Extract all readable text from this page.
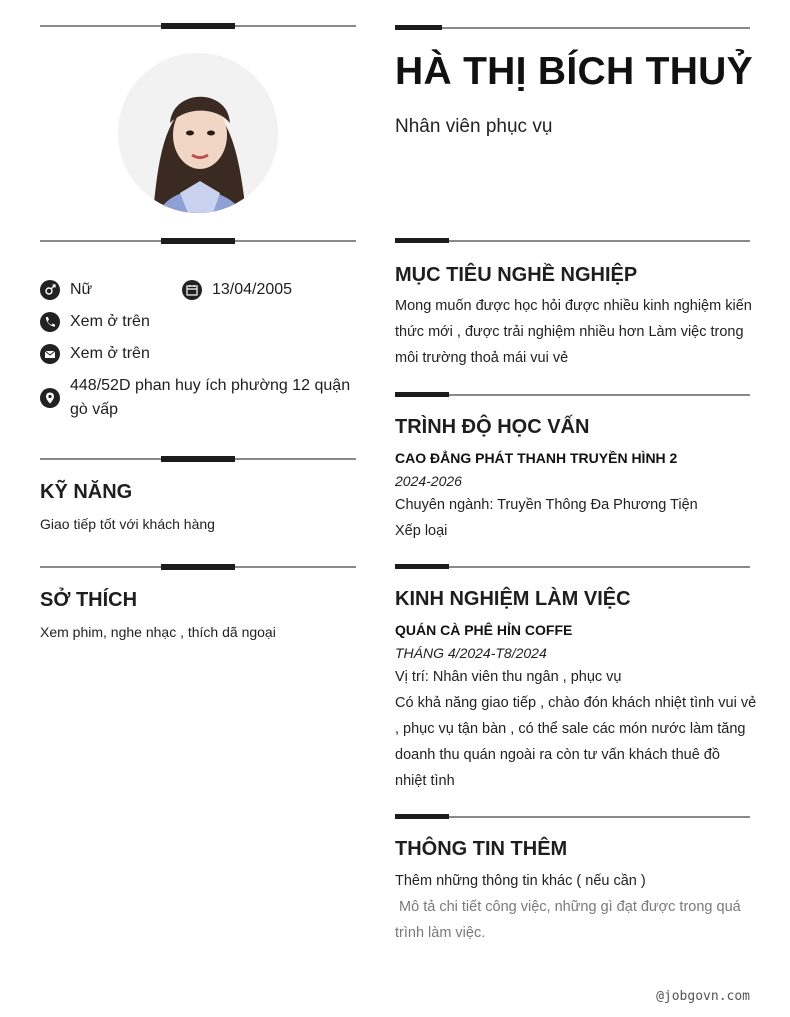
Nữ	13/04/2005
Xem ở trên
Xem ở trên
448/52D phan huy ích phường 12 quận
gò vấp
KỸ NĂNG
Giao tiếp tốt với khách hàng
SỞ THÍCH
Xem phim, nghe nhạc , thích dã ngoại
HÀ THỊ BÍCH THUỶ
Nhân viên phục vụ
MỤC TIÊU NGHỀ NGHIỆP
Mong muốn được học hỏi được nhiều kinh nghiệm kiến
thức mới , được trải nghiệm nhiều hơn Làm việc trong
môi trường thoả mái vui vẻ
TRÌNH ĐỘ HỌC VẤN
CAO ĐẲNG PHÁT THANH TRUYỀN HÌNH 2
2024-2026
Chuyên ngành: Truyền Thông Đa Phương Tiện
Xếp loại
KINH NGHIỆM LÀM VIỆC
QUÁN CÀ PHÊ HỈN COFFE
THÁNG 4/2024-T8/2024
Vị trí: Nhân viên thu ngân , phục vụ
Có khả năng giao tiếp , chào đón khách nhiệt tình vui vẻ
, phục vụ tận bàn , có thể sale các món nước làm tăng
doanh thu quán ngoài ra còn tư vấn khách thuê đồ
nhiệt tình
THÔNG TIN THÊM
Thêm những thông tin khác ( nếu cần )
Mô tả chi tiết công việc, những gì đạt được trong quá
trình làm việc.
@jobgovn.com
